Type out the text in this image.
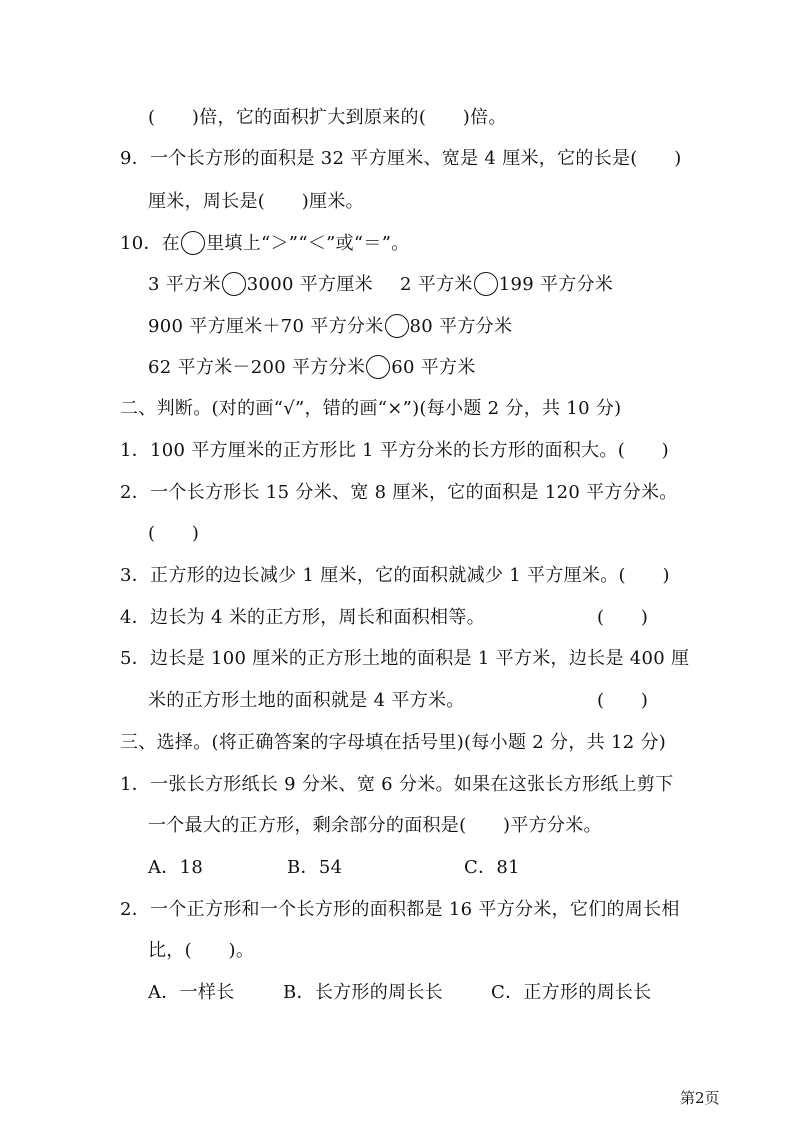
(　　)倍，它的面积扩大到原来的(　　)倍。
9．一个长方形的面积是 32 平方厘米、宽是 4 厘米，它的长是(　　)
厘米，周长是(　　)厘米。
10．在 里填上“＞”“＜”或“＝”。
3 平方米 3000 平方厘米 2 平方米 199 平方分米
900 平方厘米＋70 平方分米 80 平方分米
62 平方米－200 平方分米 60 平方米
二、判断。(对的画“√”，错的画“×”)(每小题 2 分，共 10 分)
1．100 平方厘米的正方形比 1 平方分米的长方形的面积大。(　　)
2．一个长方形长 15 分米、宽 8 厘米，它的面积是 120 平方分米。
(　　)
3．正方形的边长减少 1 厘米，它的面积就减少 1 平方厘米。(　　)
4．边长为 4 米的正方形，周长和面积相等。	(　　)
5．边长是 100 厘米的正方形土地的面积是 1 平方米，边长是 400 厘
米的正方形土地的面积就是 4 平方米。	(　　)
三、选择。(将正确答案的字母填在括号里)(每小题 2 分，共 12 分)
1．一张长方形纸长 9 分米、宽 6 分米。如果在这张长方形纸上剪下
一个最大的正方形，剩余部分的面积是(　　)平方分米。
A．18	B．54	C．81
2．一个正方形和一个长方形的面积都是 16 平方分米，它们的周长相
比，(　　)。
A．一样长	B．长方形的周长长	C．正方形的周长长
第2页
